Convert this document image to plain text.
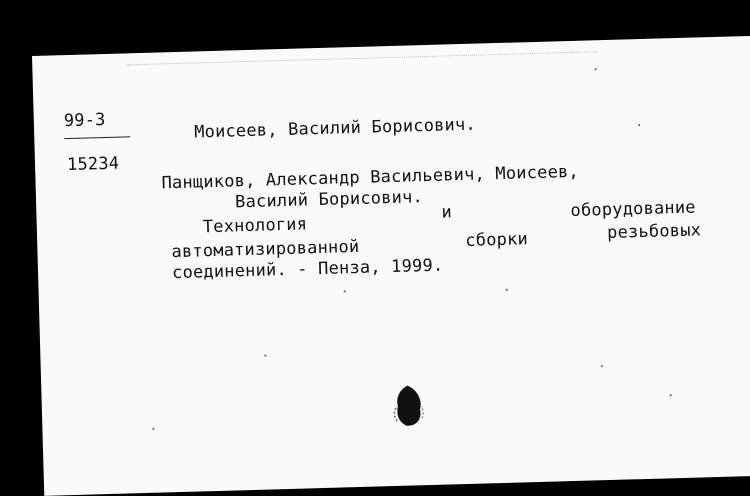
99-3
15234
Моисеев, Василий Борисович.
Панщиков, Александр Васильевич, Моисеев,
Василий Борисович.
Технология
и	оборудование
автоматизированной	сборки	резьбовых
соединений. - Пенза, 1999.
